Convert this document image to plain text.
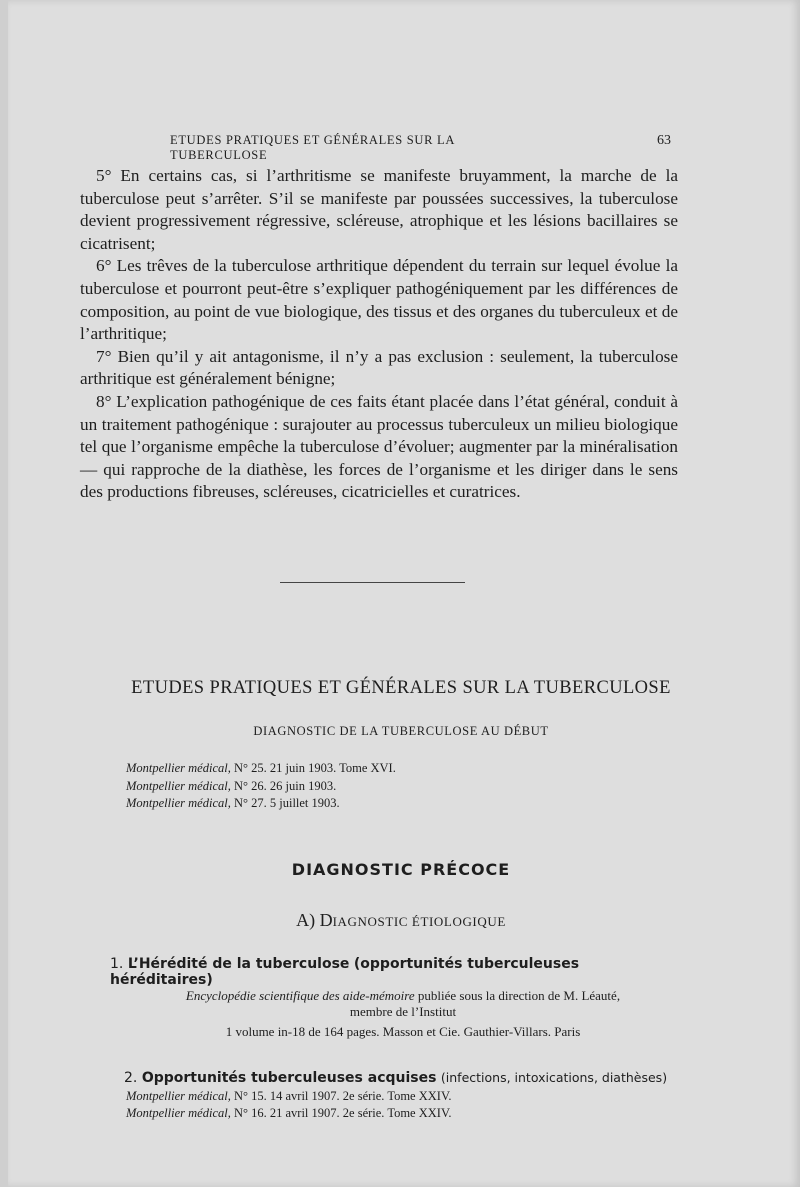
ETUDES PRATIQUES ET GÉNÉRALES SUR LA TUBERCULOSE
63

5° En certains cas, si l’arthritisme se manifeste bruyamment, la marche de la tuberculose peut s’arrêter. S’il se manifeste par poussées successives, la tuberculose devient progressivement régressive, scléreuse, atrophique et les lésions bacillaires se cicatrisent;

6° Les trêves de la tuberculose arthritique dépendent du terrain sur lequel évolue la tuberculose et pourront peut-être s’expliquer pathogéniquement par les différences de composition, au point de vue biologique, des tissus et des organes du tuberculeux et de l’arthritique;

7° Bien qu’il y ait antagonisme, il n’y a pas exclusion : seulement, la tuberculose arthritique est généralement bénigne;

8° L’explication pathogénique de ces faits étant placée dans l’état général, conduit à un traitement pathogénique : surajouter au processus tuberculeux un milieu biologique tel que l’organisme empêche la tuberculose d’évoluer; augmenter par la minéralisation — qui rapproche de la diathèse, les forces de l’organisme et les diriger dans le sens des productions fibreuses, scléreuses, cicatricielles et curatrices.

ETUDES PRATIQUES ET GÉNÉRALES SUR LA TUBERCULOSE
DIAGNOSTIC DE LA TUBERCULOSE AU DÉBUT
Montpellier médical, N° 25. 21 juin 1903. Tome XVI.
Montpellier médical, N° 26. 26 juin 1903.
Montpellier médical, N° 27. 5 juillet 1903.
DIAGNOSTIC PRÉCOCE
A) DIAGNOSTIC ÉTIOLOGIQUE
1. L’Hérédité de la tuberculose (opportunités tuberculeuses héréditaires)
Encyclopédie scientifique des aide-mémoire publiée sous la direction de M. Léauté,
membre de l’Institut
1 volume in-18 de 164 pages. Masson et Cie. Gauthier-Villars. Paris
2. Opportunités tuberculeuses acquises (infections, intoxications, diathèses)
Montpellier médical, N° 15. 14 avril 1907. 2e série. Tome XXIV.
Montpellier médical, N° 16. 21 avril 1907. 2e série. Tome XXIV.
